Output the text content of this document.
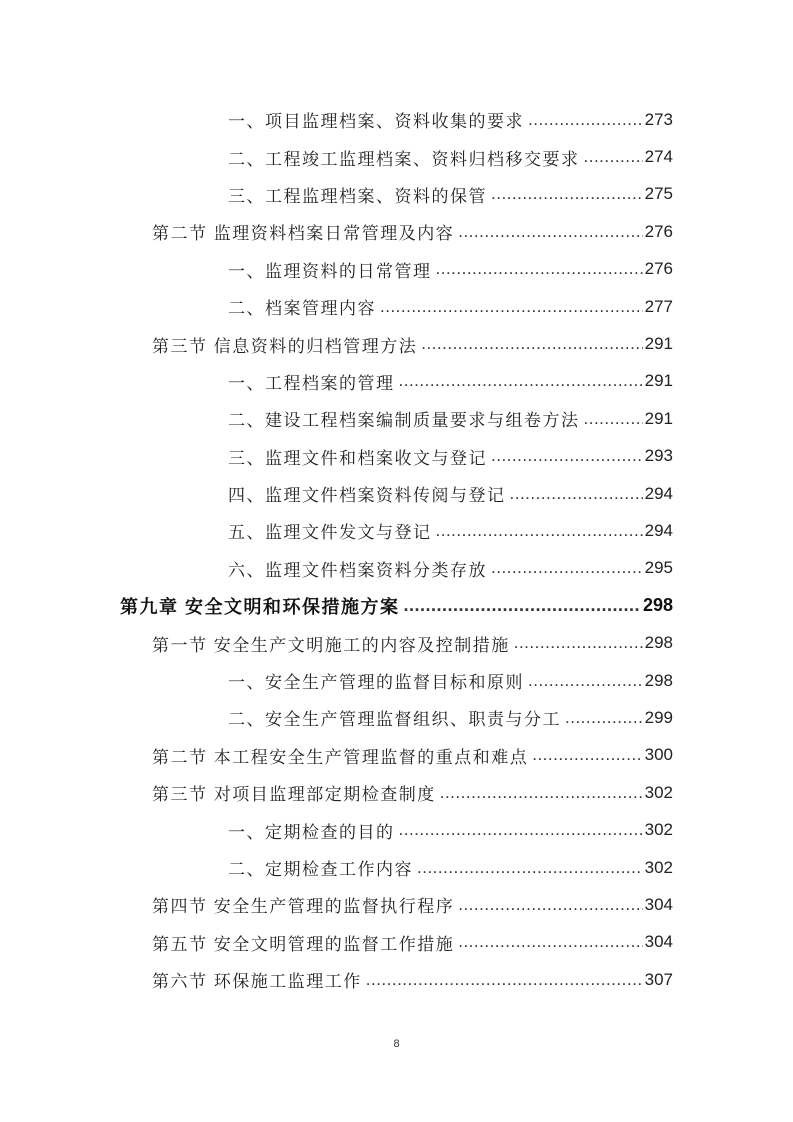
一、项目监理档案、资料收集的要求 .....	273
二、工程竣工监理档案、资料归档移交要求 .....	274
三、工程监理档案、资料的保管 .....	275
第二节 监理资料档案日常管理及内容 .....	276
一、监理资料的日常管理 .....	276
二、档案管理内容 .....	277
第三节 信息资料的归档管理方法 .....	291
一、工程档案的管理 .....	291
二、建设工程档案编制质量要求与组卷方法 .....	291
三、监理文件和档案收文与登记 .....	293
四、监理文件档案资料传阅与登记 .....	294
五、监理文件发文与登记 .....	294
六、监理文件档案资料分类存放 .....	295
第九章 安全文明和环保措施方案 .....	298
第一节 安全生产文明施工的内容及控制措施 .....	298
一、安全生产管理的监督目标和原则 .....	298
二、安全生产管理监督组织、职责与分工 .....	299
第二节 本工程安全生产管理监督的重点和难点 .....	300
第三节 对项目监理部定期检查制度 .....	302
一、定期检查的目的 .....	302
二、定期检查工作内容 .....	302
第四节 安全生产管理的监督执行程序 .....	304
第五节 安全文明管理的监督工作措施 .....	304
第六节 环保施工监理工作 .....	307
8
